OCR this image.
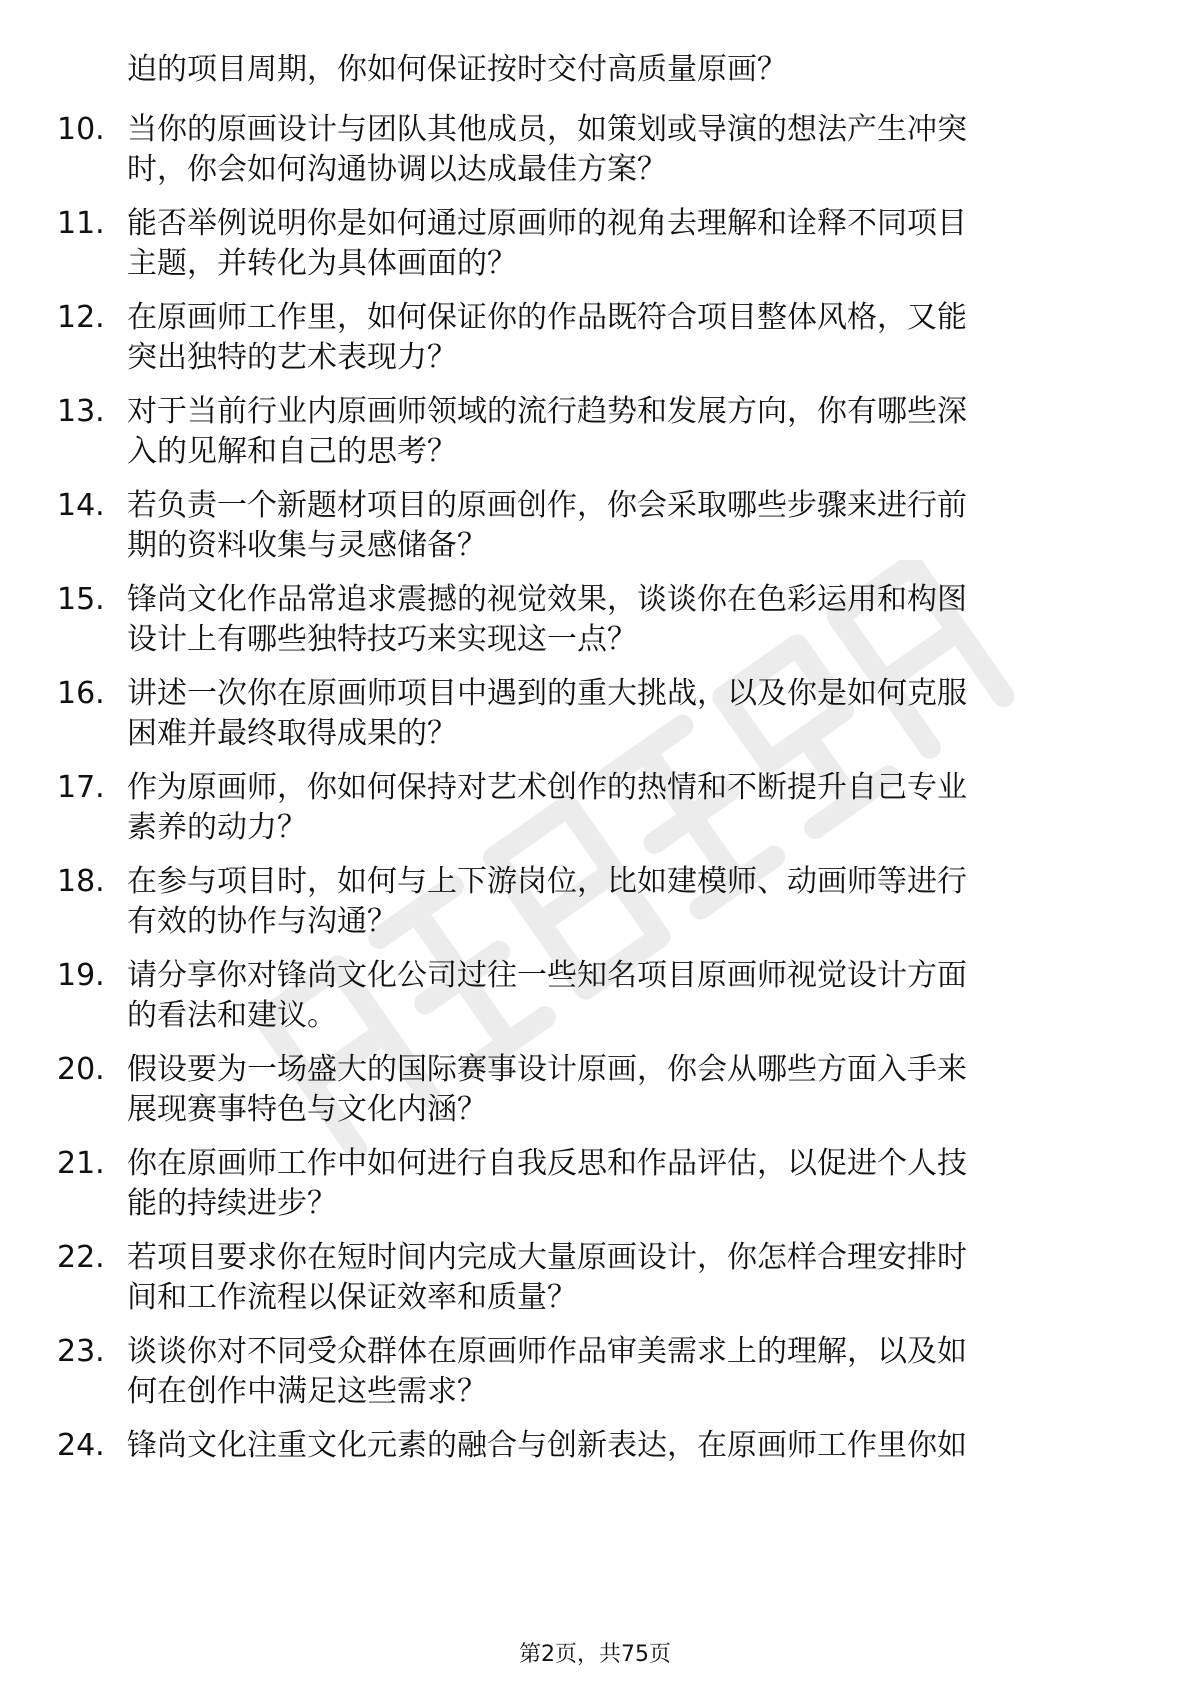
迫的项目周期，你如何保证按时交付高质量原画？
10. 当你的原画设计与团队其他成员，如策划或导演的想法产生冲突
时，你会如何沟通协调以达成最佳方案？
11. 能否举例说明你是如何通过原画师的视角去理解和诠释不同项目
主题，并转化为具体画面的？
12. 在原画师工作里，如何保证你的作品既符合项目整体风格，又能
突出独特的艺术表现力？
13. 对于当前行业内原画师领域的流行趋势和发展方向，你有哪些深
入的见解和自己的思考？
14. 若负责一个新题材项目的原画创作，你会采取哪些步骤来进行前
期的资料收集与灵感储备？
15. 锋尚文化作品常追求震撼的视觉效果，谈谈你在色彩运用和构图
设计上有哪些独特技巧来实现这一点？
16. 讲述一次你在原画师项目中遇到的重大挑战，以及你是如何克服
困难并最终取得成果的？
17. 作为原画师，你如何保持对艺术创作的热情和不断提升自己专业
素养的动力？
18. 在参与项目时，如何与上下游岗位，比如建模师、动画师等进行
有效的协作与沟通？
19. 请分享你对锋尚文化公司过往一些知名项目原画师视觉设计方面
的看法和建议。
20. 假设要为一场盛大的国际赛事设计原画，你会从哪些方面入手来
展现赛事特色与文化内涵？
21. 你在原画师工作中如何进行自我反思和作品评估，以促进个人技
能的持续进步？
22. 若项目要求你在短时间内完成大量原画设计，你怎样合理安排时
间和工作流程以保证效率和质量？
23. 谈谈你对不同受众群体在原画师作品审美需求上的理解，以及如
何在创作中满足这些需求？
24. 锋尚文化注重文化元素的融合与创新表达，在原画师工作里你如
第2页，共75页
